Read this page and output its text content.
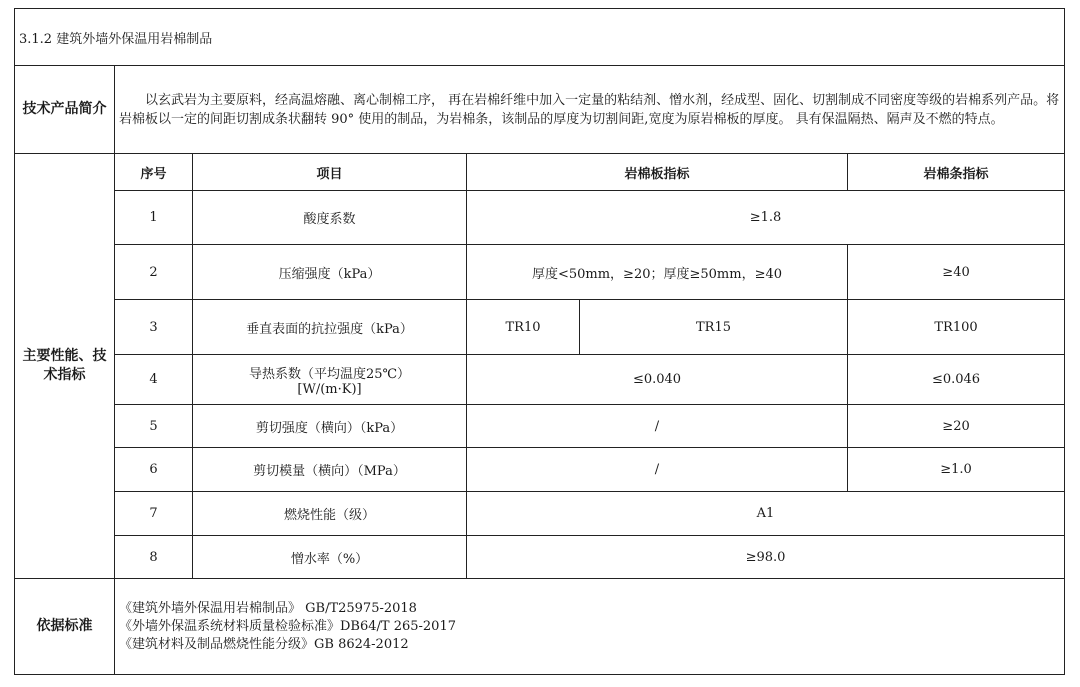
3.1.2 建筑外墙外保温用岩棉制品					
技术产品简介	以玄武岩为主要原料，经高温熔融、离心制棉工序， 再在岩棉纤维中加入一定量的粘结剂、憎水剂，经成型、固化、切割制成不同密度等级的岩棉系列产品。将岩棉板以一定的间距切割成条状翻转 90° 使用的制品，为岩棉条，该制品的厚度为切割间距,宽度为原岩棉板的厚度。 具有保温隔热、隔声及不燃的特点。				
主要性能、技术指标	序号	项目	岩棉板指标		岩棉条指标
	1	酸度系数	≥1.8		
	2	压缩强度（kPa）	厚度<50mm，≥20；厚度≥50mm，≥40		≥40
	3	垂直表面的抗拉强度（kPa）	TR10	TR15	TR100
	4	导热系数（平均温度25℃）
[W/(m·K)]	≤0.040		≤0.046
	5	剪切强度（横向）（kPa）	/		≥20
	6	剪切模量（横向）（MPa）	/		≥1.0
	7	燃烧性能（级）	A1		
	8	憎水率（%）	≥98.0		
依据标准	《建筑外墙外保温用岩棉制品》 GB/T25975-2018
《外墙外保温系统材料质量检验标准》DB64/T 265-2017
《建筑材料及制品燃烧性能分级》GB 8624-2012				
